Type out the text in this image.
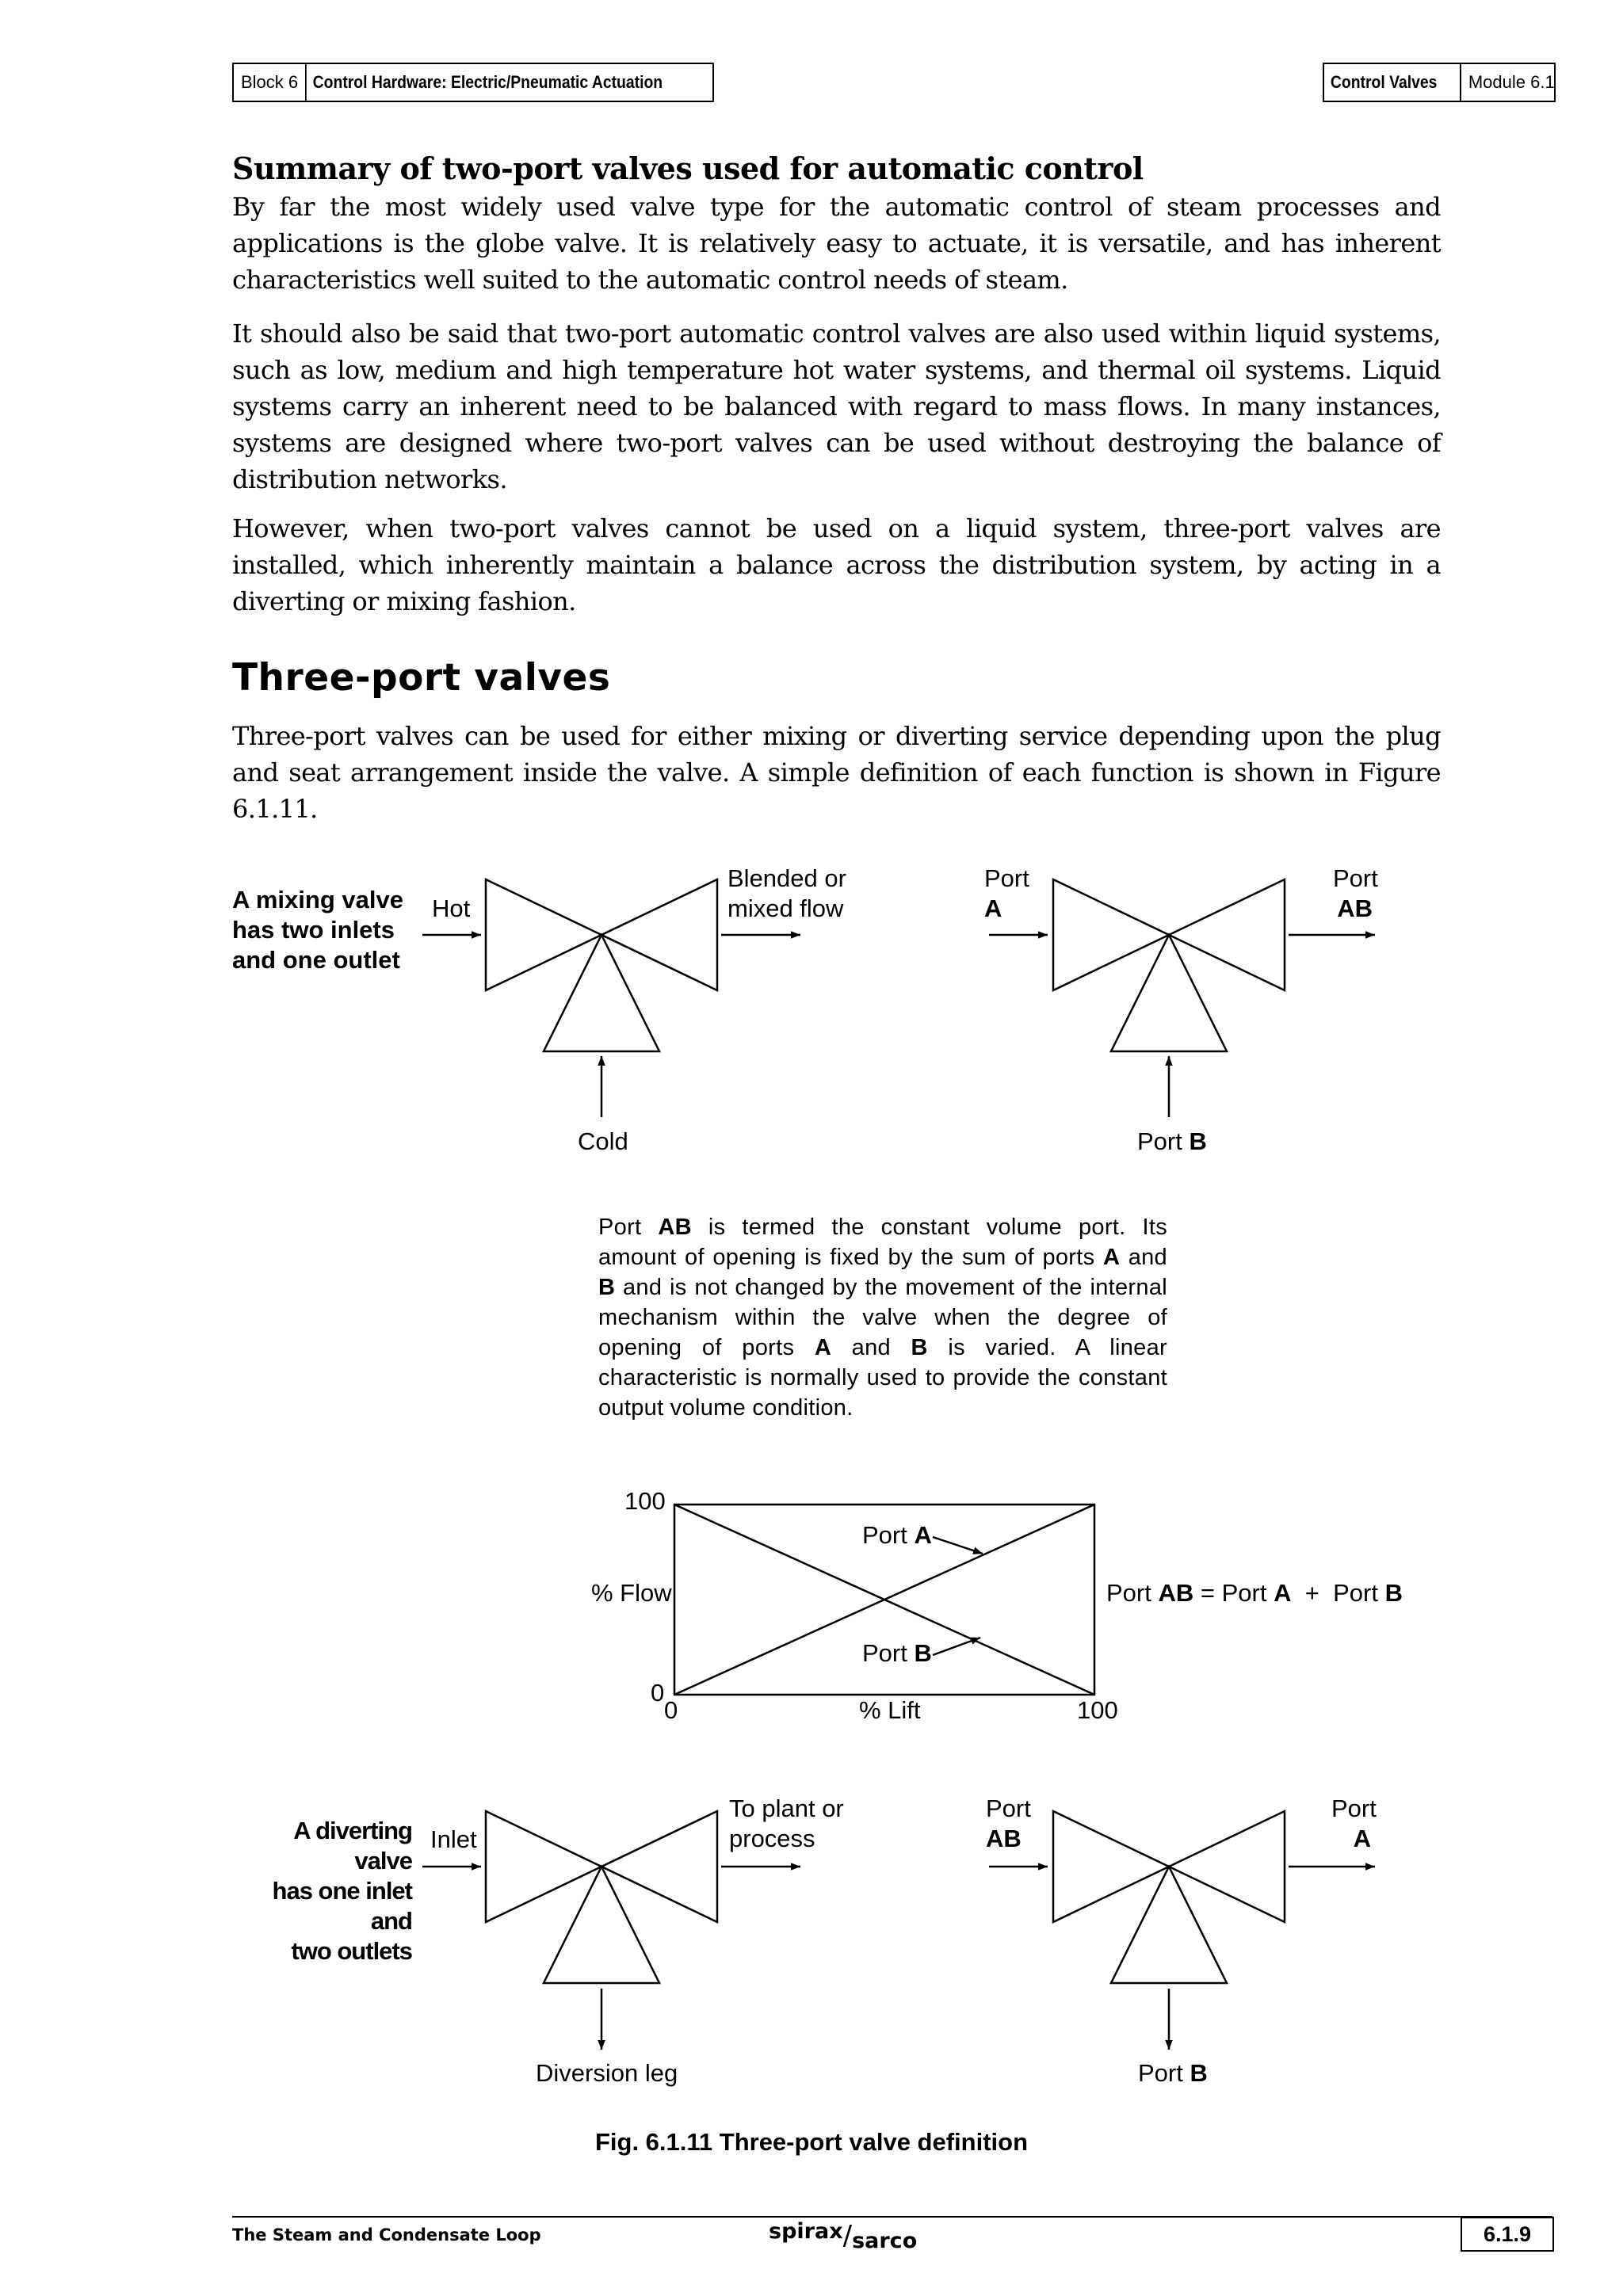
Block 6 Control Hardware: Electric/Pneumatic Actuation	Control Valves	Module 6.1
Summary of two-port valves used for automatic control
By far the most widely used valve type for the automatic control of steam processes and applications is the globe valve. It is relatively easy to actuate, it is versatile, and has inherent characteristics well suited to the automatic control needs of steam.
It should also be said that two-port automatic control valves are also used within liquid systems, such as low, medium and high temperature hot water systems, and thermal oil systems. Liquid systems carry an inherent need to be balanced with regard to mass flows. In many instances, systems are designed where two-port valves can be used without destroying the balance of distribution networks.
However, when two-port valves cannot be used on a liquid system, three-port valves are installed, which inherently maintain a balance across the distribution system, by acting in a diverting or mixing fashion.
Three-port valves
Three-port valves can be used for either mixing or diverting service depending upon the plug and seat arrangement inside the valve. A simple definition of each function is shown in Figure 6.1.11.
A mixing valve
has two inlets
and one outlet
Hot
Blended or
mixed flow
Cold
Port
A
Port
AB
Port B
Port AB is termed the constant volume port. Its amount of opening is fixed by the sum of ports A and B and is not changed by the movement of the internal mechanism within the valve when the degree of opening of ports A and B is varied. A linear characteristic is normally used to provide the constant output volume condition.
100
% Flow
0
0	% Lift	100
Port A
Port B
Port AB = Port A + Port B
A diverting valve
has one inlet and
two outlets
Inlet
To plant or
process
Diversion leg
Port
AB
Port
A
Port B
Fig. 6.1.11 Three-port valve definition
The Steam and Condensate Loop	spirax/sarco	6.1.9
